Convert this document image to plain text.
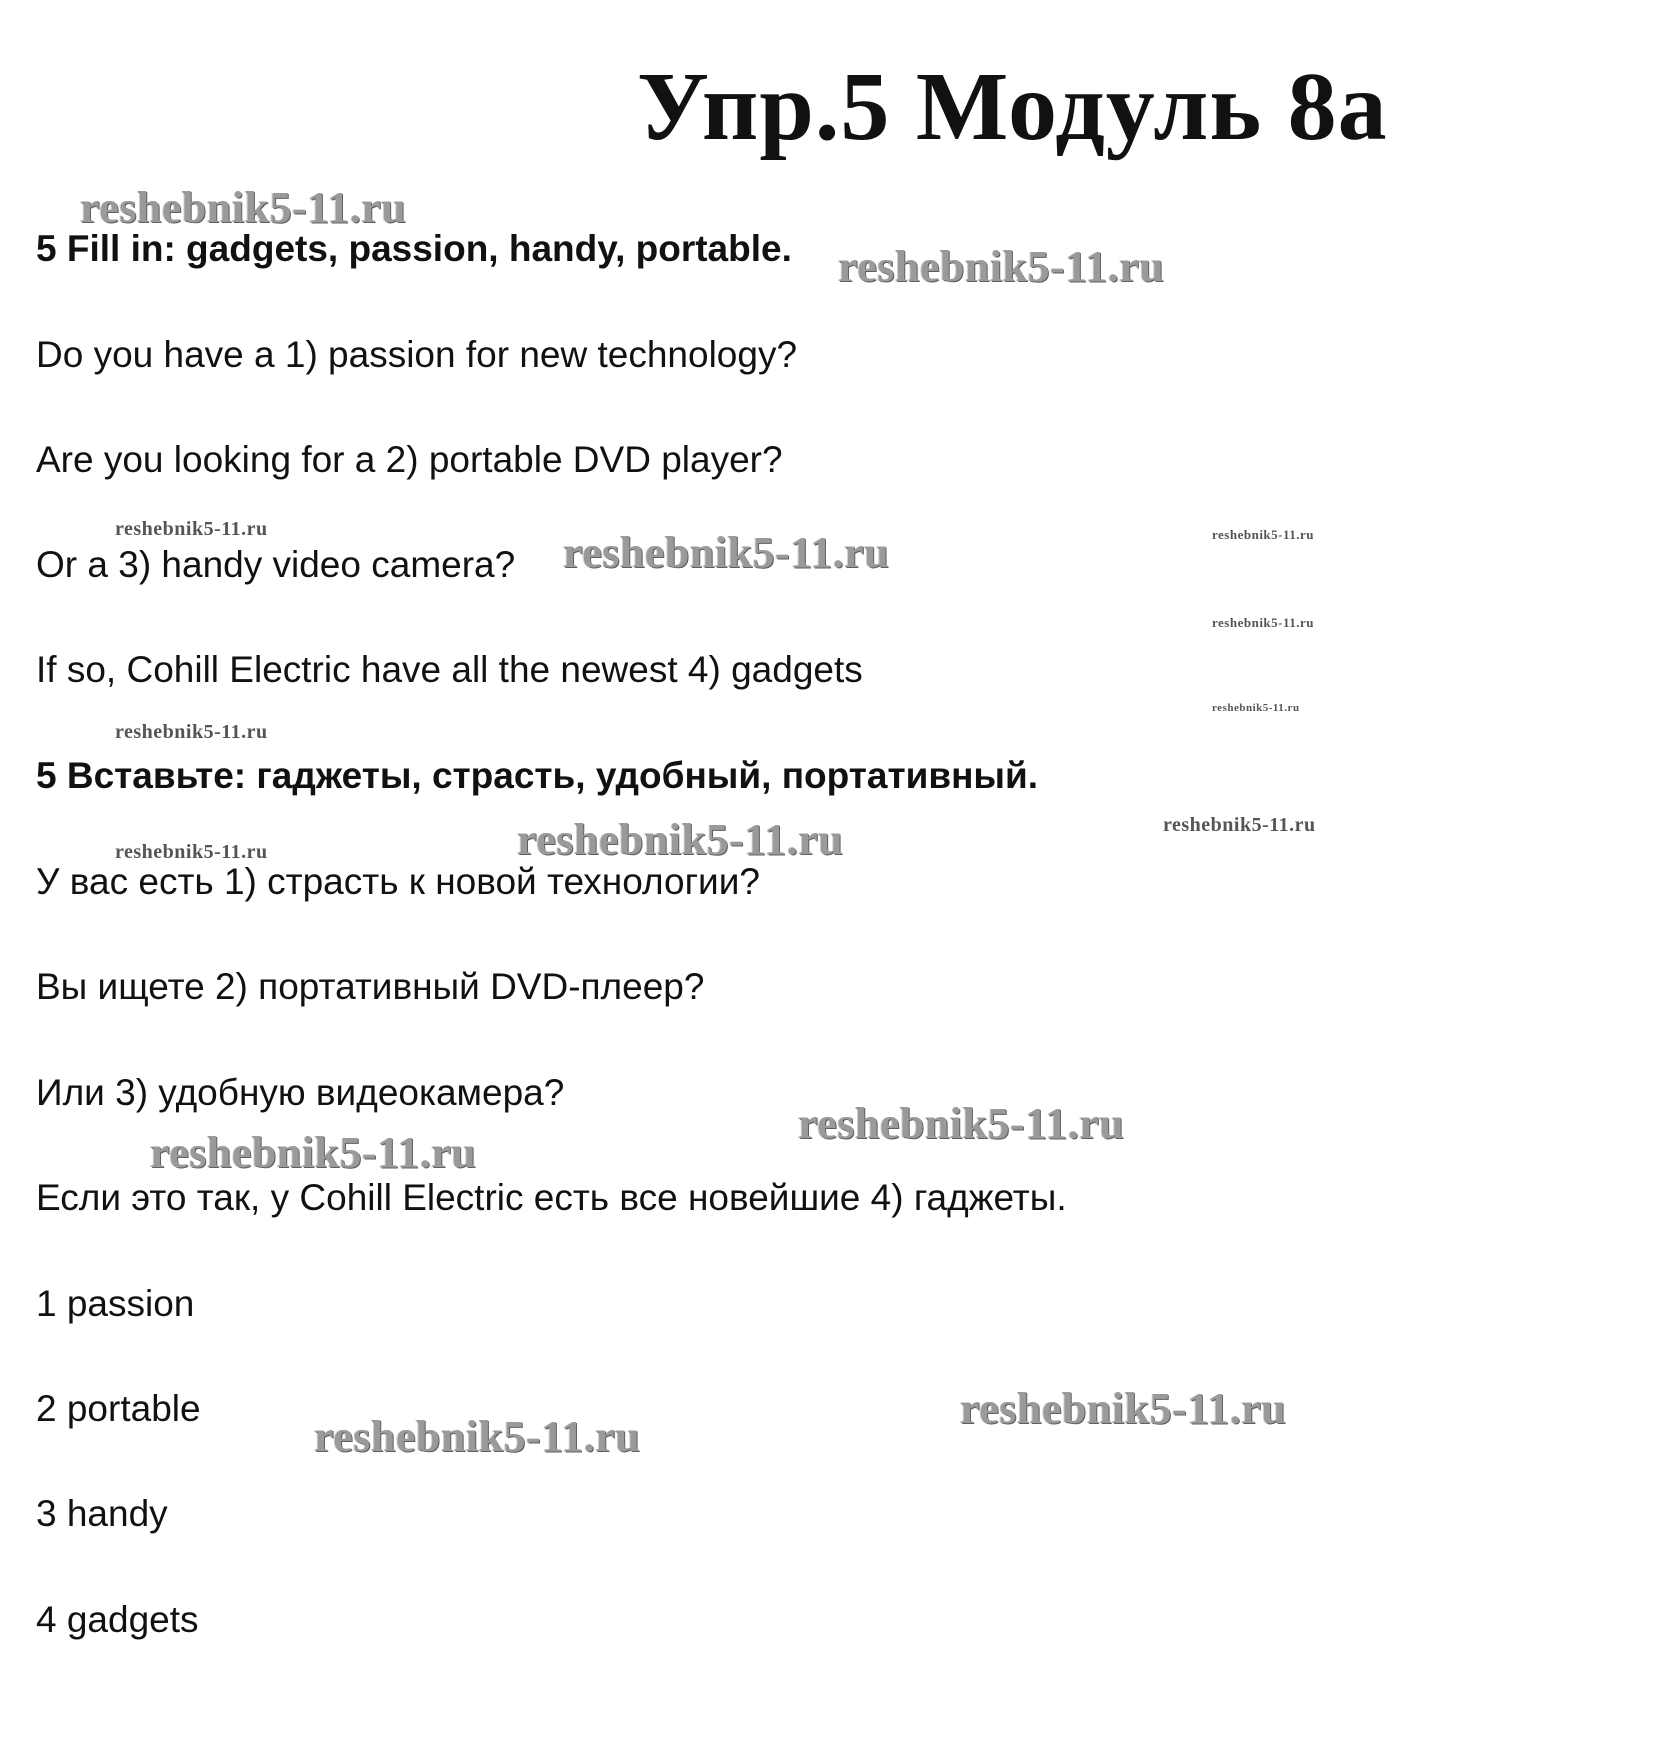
Упр.5 Модуль 8а
5 Fill in: gadgets, passion, handy, portable.
Do you have a 1) passion for new technology?
Are you looking for a 2) portable DVD player?
Or a 3) handy video camera?
If so, Cohill Electric have all the newest 4) gadgets
5 Вставьте: гаджеты, страсть, удобный, портативный.
У вас есть 1) страсть к новой технологии?
Вы ищете 2) портативный DVD-плеер?
Или 3) удобную видеокамера?
Если это так, у Cohill Electric есть все новейшие 4) гаджеты.
1 passion
2 portable
3 handy
4 gadgets
reshebnik5-11.ru
reshebnik5-11.ru
reshebnik5-11.ru	reshebnik5-11.ru	reshebnik5-11.ru
reshebnik5-11.ru
reshebnik5-11.ru
reshebnik5-11.ru
reshebnik5-11.ru
reshebnik5-11.ru
reshebnik5-11.ru
reshebnik5-11.ru
reshebnik5-11.ru
reshebnik5-11.ru
reshebnik5-11.ru
